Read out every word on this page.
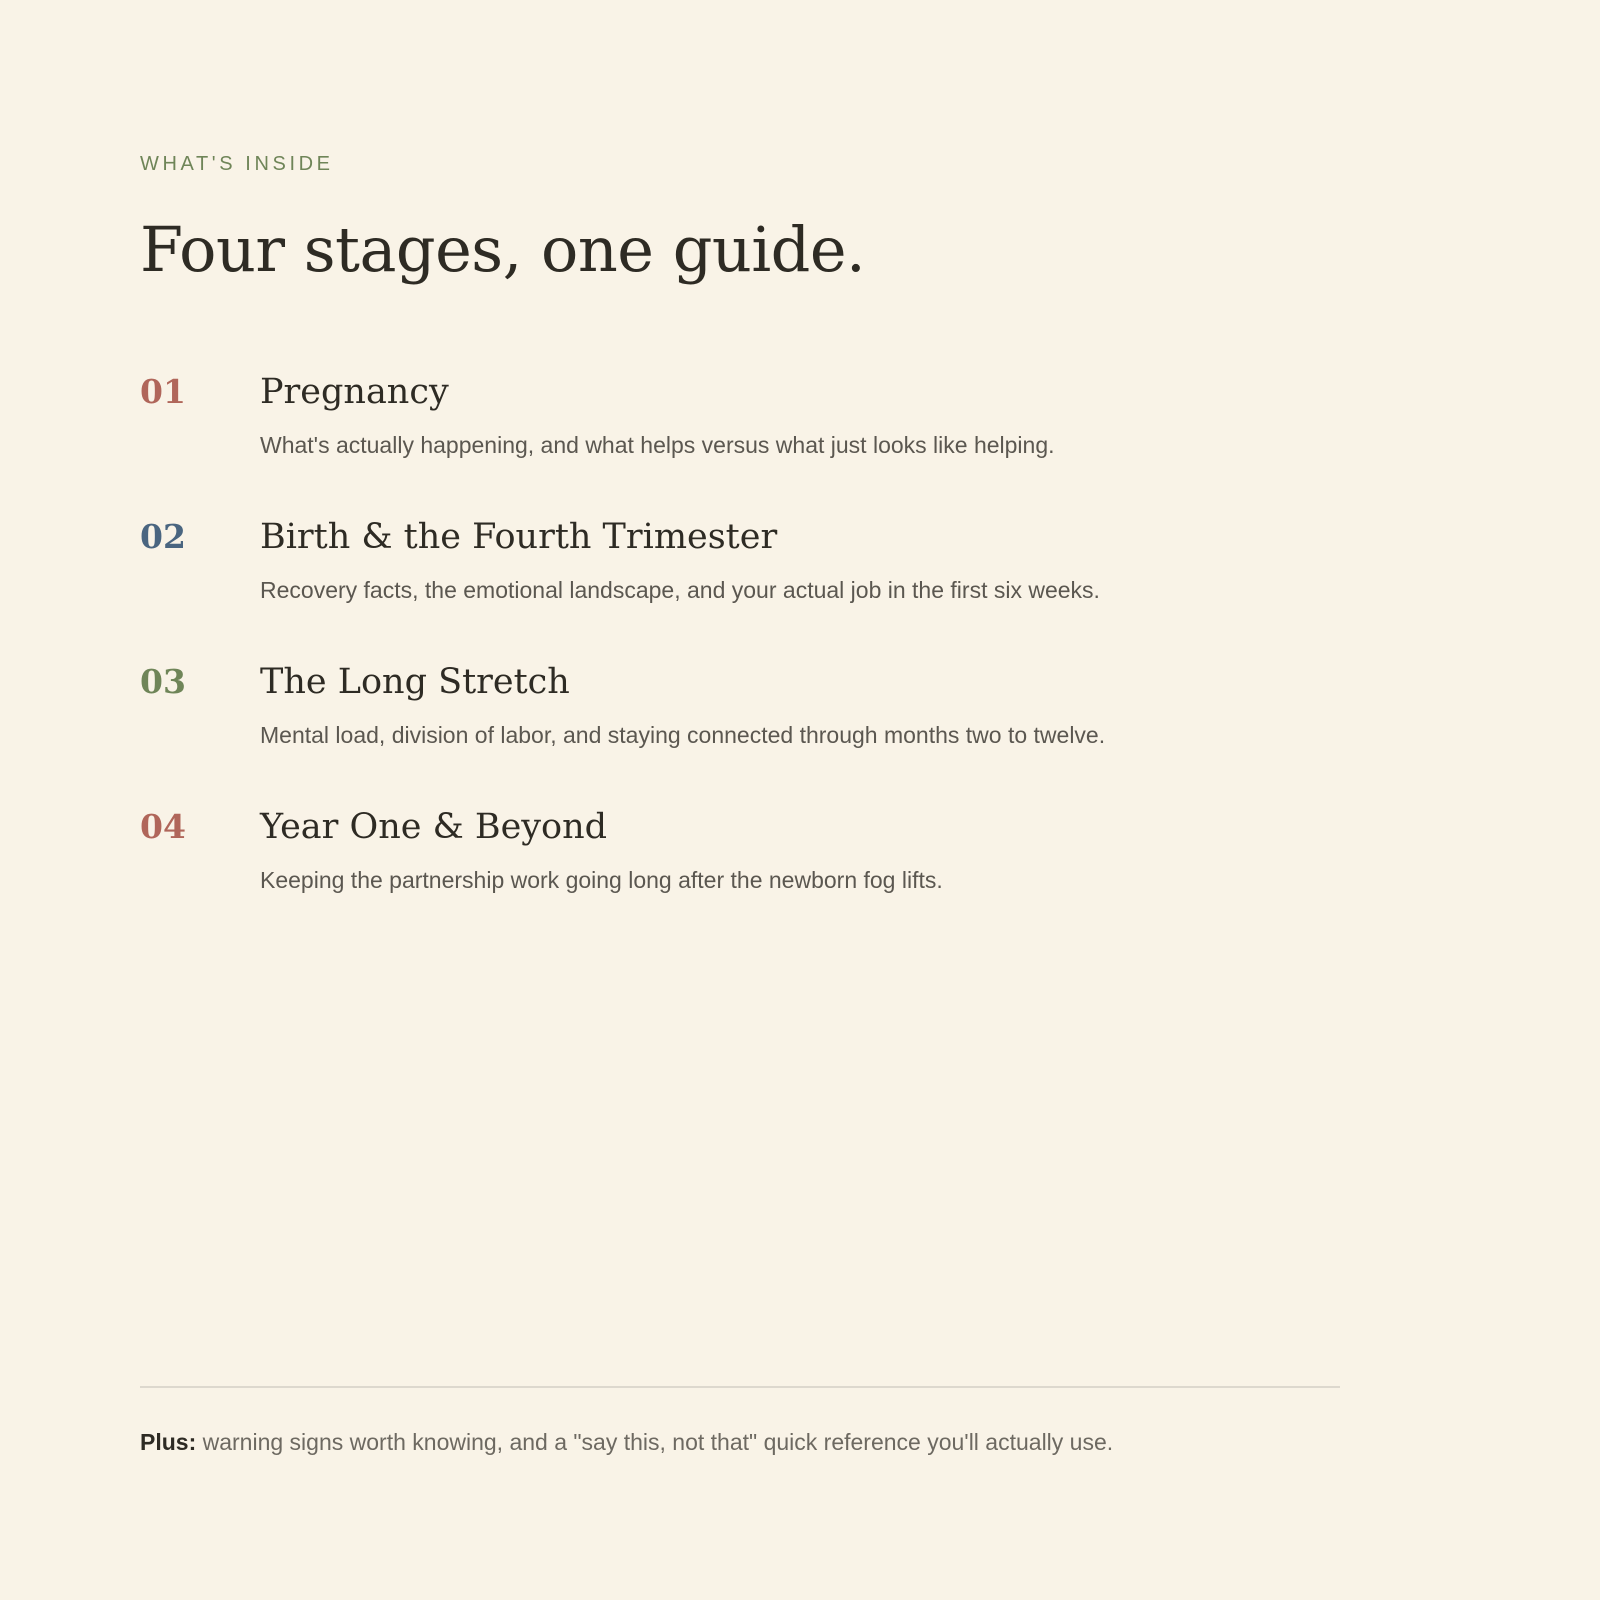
WHAT'S INSIDE

Four stages, one guide.
01 Pregnancy

What's actually happening, and what helps versus what just looks like helping.

02 Birth & the Fourth Trimester

Recovery facts, the emotional landscape, and your actual job in the first six weeks.

03 The Long Stretch

Mental load, division of labor, and staying connected through months two to twelve.

04 Year One & Beyond

Keeping the partnership work going long after the newborn fog lifts.

Plus: warning signs worth knowing, and a "say this, not that" quick reference you'll actually use.
